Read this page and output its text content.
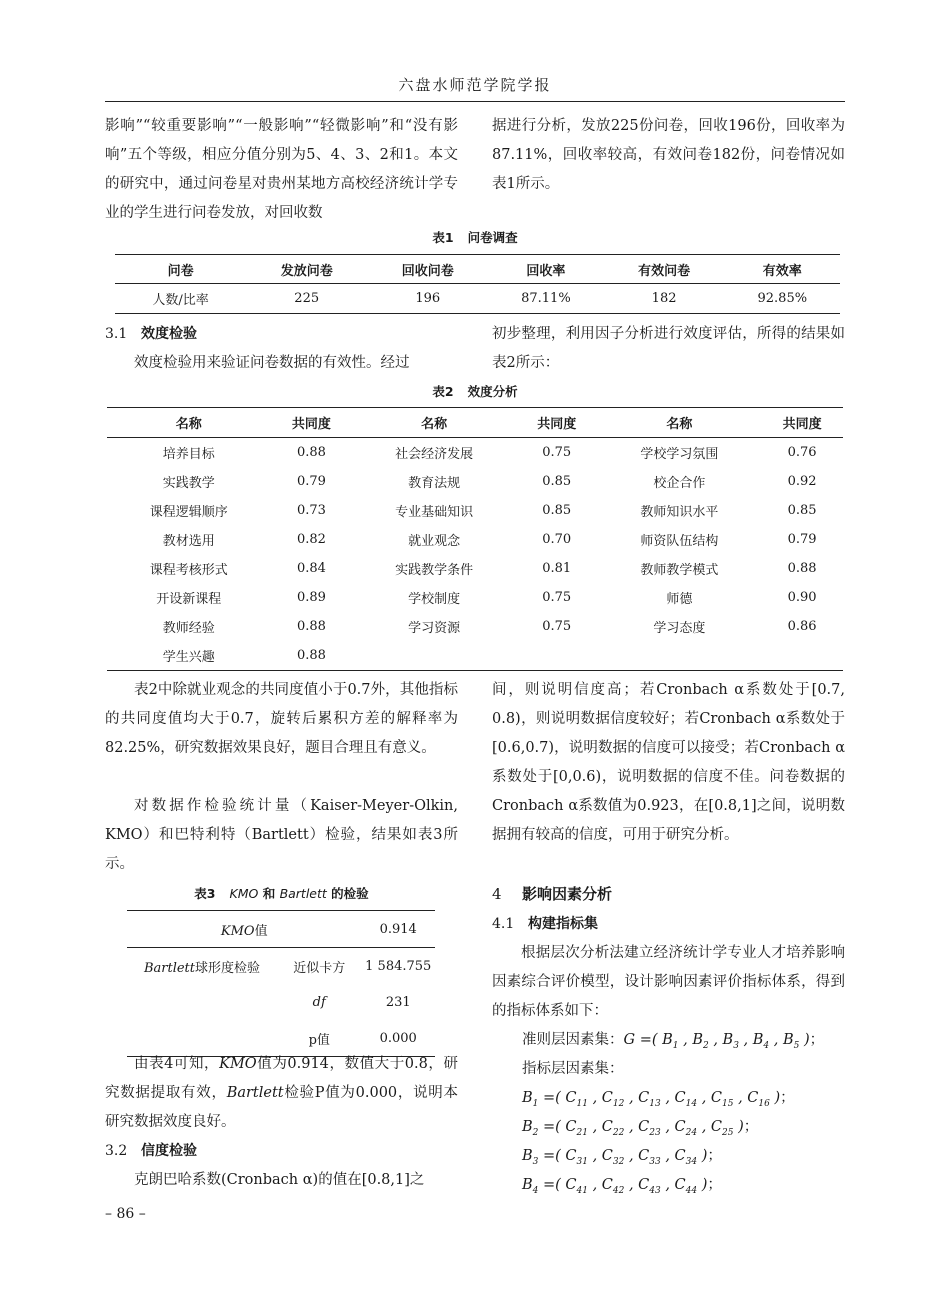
六盘水师范学院学报

影响”“较重要影响”“一般影响”“轻微影响”和“没有影响”五个等级，相应分值分别为5、4、3、2和1。本文的研究中，通过问卷星对贵州某地方高校经济统计学专业的学生进行问卷发放，对回收数

据进行分析，发放225份问卷，回收196份，回收率为87.11%，回收率较高，有效问卷182份，问卷情况如表1所示。

表1 问卷调查
问卷	发放问卷	回收问卷	回收率	有效问卷	有效率
人数/比率	225	196	87.11%	182	92.85%
3.1 效度检验

效度检验用来验证问卷数据的有效性。经过

初步整理，利用因子分析进行效度评估，所得的结果如表2所示：

表2 效度分析
名称	共同度	名称	共同度	名称	共同度
培养目标	0.88	社会经济发展	0.75	学校学习氛围	0.76
实践教学	0.79	教育法规	0.85	校企合作	0.92
课程逻辑顺序	0.73	专业基础知识	0.85	教师知识水平	0.85
教材选用	0.82	就业观念	0.70	师资队伍结构	0.79
课程考核形式	0.84	实践教学条件	0.81	教师教学模式	0.88
开设新课程	0.89	学校制度	0.75	师德	0.90
教师经验	0.88	学习资源	0.75	学习态度	0.86
学生兴趣	0.88				

表2中除就业观念的共同度值小于0.7外，其他指标的共同度值均大于0.7，旋转后累积方差的解释率为82.25%，研究数据效果良好，题目合理且有意义。

对数据作检验统计量（Kaiser-Meyer-Olkin, KMO）和巴特利特（Bartlett）检验，结果如表3所示。

表3 KMO 和 Bartlett 的检验
KMO值		0.914
Bartlett球形度检验	近似卡方	1 584.755
	df	231
	p值	0.000

由表4可知，KMO值为0.914，数值大于0.8，研究数据提取有效，Bartlett检验P值为0.000，说明本研究数据效度良好。

3.2 信度检验

克朗巴哈系数(Cronbach α)的值在[0.8,1]之

间，则说明信度高；若Cronbach α系数处于[0.7, 0.8)，则说明数据信度较好；若Cronbach α系数处于[0.6,0.7)，说明数据的信度可以接受；若Cronbach α系数处于[0,0.6)，说明数据的信度不佳。问卷数据的Cronbach α系数值为0.923，在[0.8,1]之间，说明数据拥有较高的信度，可用于研究分析。

4 影响因素分析
4.1 构建指标集

根据层次分析法建立经济统计学专业人才培养影响因素综合评价模型，设计影响因素评价指标体系，得到的指标体系如下：

准则层因素集：G =( $B_1$ , $B_2$ , $B_3$ , $B_4$ , $B_5$ )；
指标层因素集：
$B_1$ =( $C_{11}$ , $C_{12}$ , $C_{13}$ , $C_{14}$ , $C_{15}$ , $C_{16}$ )；
$B_2$ =( $C_{21}$ , $C_{22}$ , $C_{23}$ , $C_{24}$ , $C_{25}$ )；
$B_3$ =( $C_{31}$ , $C_{32}$ , $C_{33}$ , $C_{34}$ )；
$B_4$ =( $C_{41}$ , $C_{42}$ , $C_{43}$ , $C_{44}$ )；
– 86 –
